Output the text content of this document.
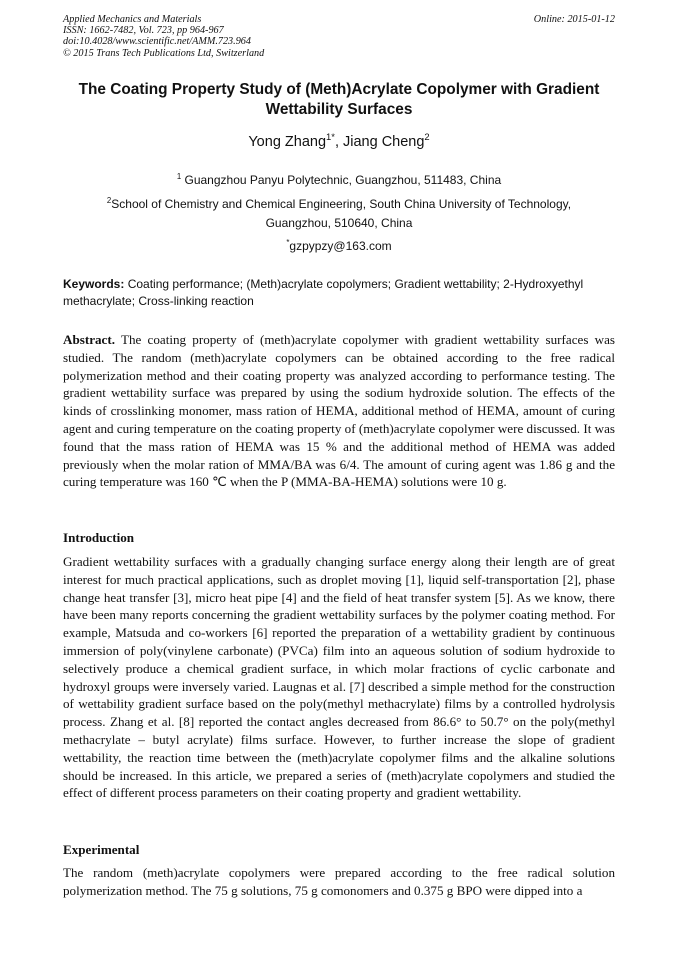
Applied Mechanics and Materials
ISSN: 1662-7482, Vol. 723, pp 964-967
doi:10.4028/www.scientific.net/AMM.723.964
© 2015 Trans Tech Publications Ltd, Switzerland
Online: 2015-01-12
The Coating Property Study of (Meth)Acrylate Copolymer with Gradient Wettability Surfaces
Yong Zhang$^{1*}$, Jiang Cheng$^2$
$^1$ Guangzhou Panyu Polytechnic, Guangzhou, 511483, China
$^2$School of Chemistry and Chemical Engineering, South China University of Technology, Guangzhou, 510640, China
*gzpypzy@163.com
Keywords: Coating performance; (Meth)acrylate copolymers; Gradient wettability; 2-Hydroxyethyl methacrylate; Cross-linking reaction
Abstract. The coating property of (meth)acrylate copolymer with gradient wettability surfaces was studied. The random (meth)acrylate copolymers can be obtained according to the free radical polymerization method and their coating property was analyzed according to performance testing. The gradient wettability surface was prepared by using the sodium hydroxide solution. The effects of the kinds of crosslinking monomer, mass ration of HEMA, additional method of HEMA, amount of curing agent and curing temperature on the coating property of (meth)acrylate copolymer were discussed. It was found that the mass ration of HEMA was 15 % and the additional method of HEMA was added previously when the molar ration of MMA/BA was 6/4. The amount of curing agent was 1.86 g and the curing temperature was 160 ℃ when the P (MMA-BA-HEMA) solutions were 10 g.
Introduction
Gradient wettability surfaces with a gradually changing surface energy along their length are of great interest for much practical applications, such as droplet moving [1], liquid self-transportation [2], phase change heat transfer [3], micro heat pipe [4] and the field of heat transfer system [5]. As we know, there have been many reports concerning the gradient wettability surfaces by the polymer coating method. For example, Matsuda and co-workers [6] reported the preparation of a wettability gradient by continuous immersion of poly(vinylene carbonate) (PVCa) film into an aqueous solution of sodium hydroxide to selectively produce a chemical gradient surface, in which molar fractions of cyclic carbonate and hydroxyl groups were inversely varied. Laugnas et al. [7] described a simple method for the construction of wettability gradient surface based on the poly(methyl methacrylate) films by a controlled hydrolysis process. Zhang et al. [8] reported the contact angles decreased from 86.6° to 50.7° on the poly(methyl methacrylate – butyl acrylate) films surface. However, to further increase the slope of gradient wettability, the reaction time between the (meth)acrylate copolymer films and the alkaline solutions should be increased. In this article, we prepared a series of (meth)acrylate copolymers and studied the effect of different process parameters on their coating property and gradient wettability.
Experimental
The random (meth)acrylate copolymers were prepared according to the free radical solution polymerization method. The 75 g solutions, 75 g comonomers and 0.375 g BPO were dipped into a
